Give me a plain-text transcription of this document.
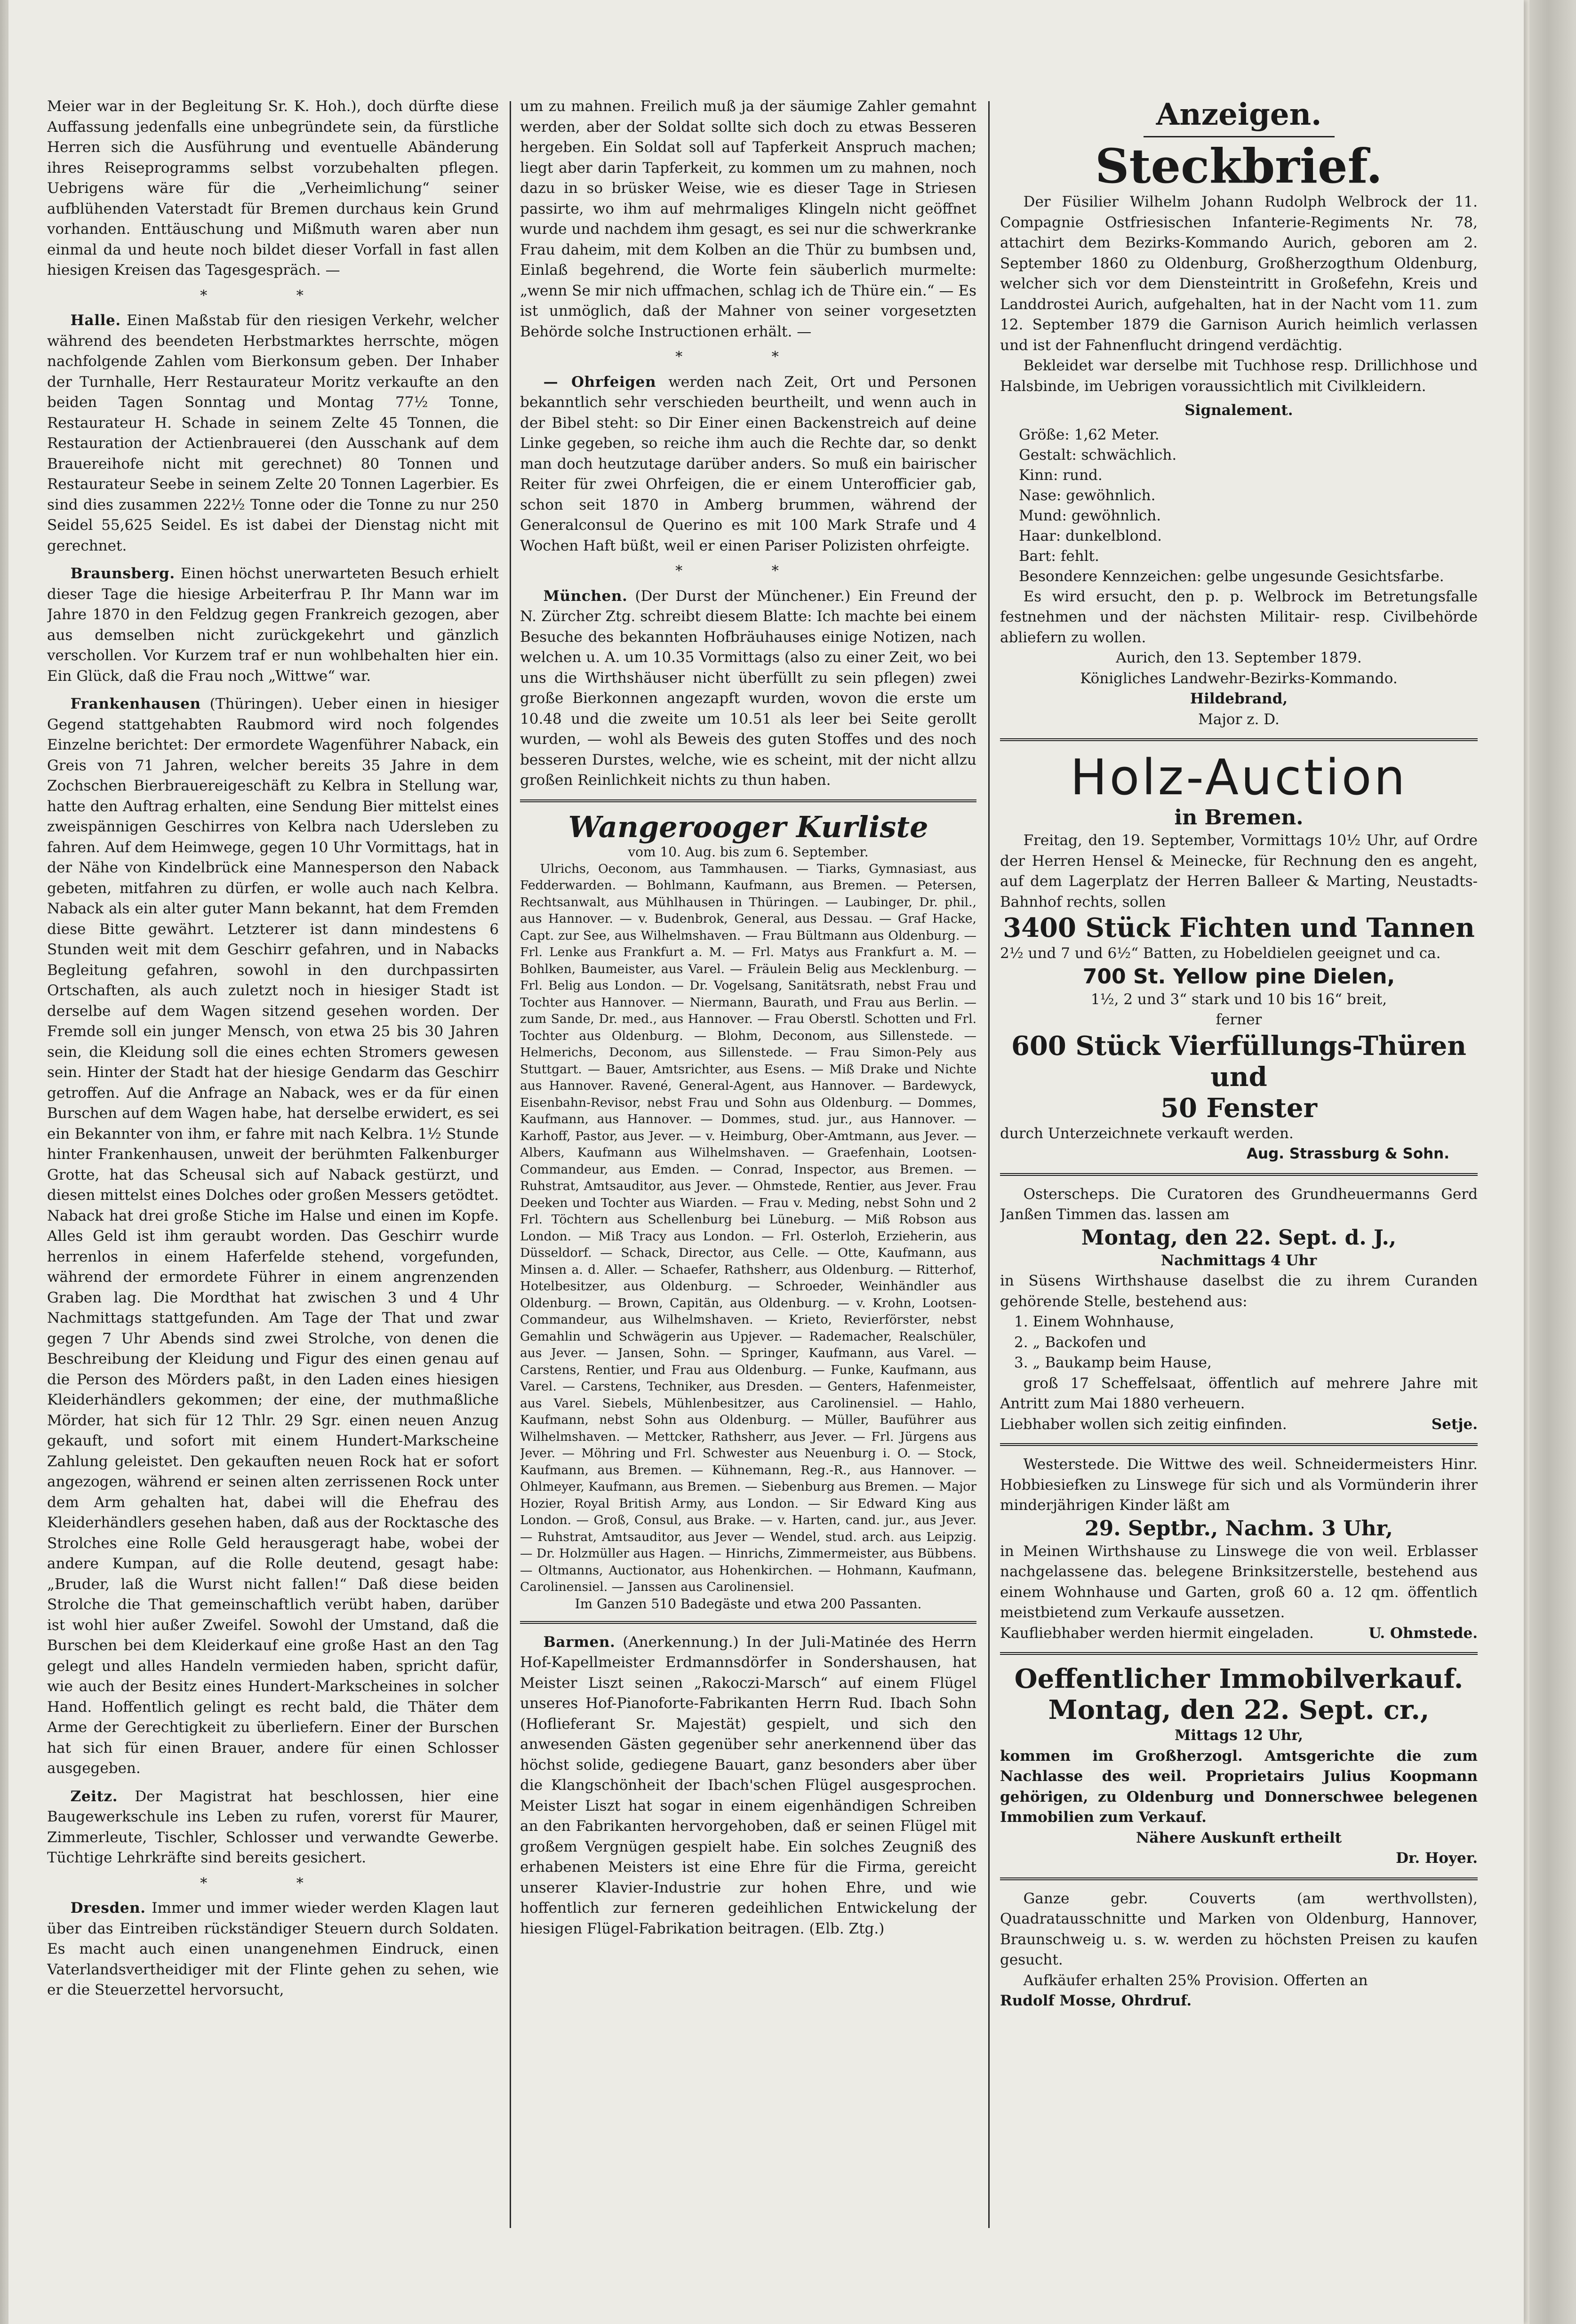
Meier war in der Begleitung Sr. K. Hoh.), doch dürfte diese Auffassung jedenfalls eine unbegründete sein, da fürstliche Herren sich die Ausführung und eventuelle Abänderung ihres Reiseprogramms selbst vorzubehalten pflegen. Uebrigens wäre für die „Verheimlichung“ seiner aufblühenden Vaterstadt für Bremen durchaus kein Grund vorhanden. Enttäuschung und Mißmuth waren aber nun einmal da und heute noch bildet dieser Vorfall in fast allen hiesigen Kreisen das Tagesgespräch. —

* *

Halle. Einen Maßstab für den riesigen Verkehr, welcher während des beendeten Herbstmarktes herrschte, mögen nachfolgende Zahlen vom Bierkonsum geben. Der Inhaber der Turnhalle, Herr Restaurateur Moritz verkaufte an den beiden Tagen Sonntag und Montag 77½ Tonne, Restaurateur H. Schade in seinem Zelte 45 Tonnen, die Restauration der Actienbrauerei (den Ausschank auf dem Brauereihofe nicht mit gerechnet) 80 Tonnen und Restaurateur Seebe in seinem Zelte 20 Tonnen Lagerbier. Es sind dies zusammen 222½ Tonne oder die Tonne zu nur 250 Seidel 55,625 Seidel. Es ist dabei der Dienstag nicht mit gerechnet.

Braunsberg. Einen höchst unerwarteten Besuch erhielt dieser Tage die hiesige Arbeiterfrau P. Ihr Mann war im Jahre 1870 in den Feldzug gegen Frankreich gezogen, aber aus demselben nicht zurückgekehrt und gänzlich verschollen. Vor Kurzem traf er nun wohlbehalten hier ein. Ein Glück, daß die Frau noch „Wittwe“ war.

Frankenhausen (Thüringen). Ueber einen in hiesiger Gegend stattgehabten Raubmord wird noch folgendes Einzelne berichtet: Der ermordete Wagenführer Naback, ein Greis von 71 Jahren, welcher bereits 35 Jahre in dem Zochschen Bierbrauereigeschäft zu Kelbra in Stellung war, hatte den Auftrag erhalten, eine Sendung Bier mittelst eines zweispännigen Geschirres von Kelbra nach Udersleben zu fahren. Auf dem Heimwege, gegen 10 Uhr Vormittags, hat in der Nähe von Kindelbrück eine Mannesperson den Naback gebeten, mitfahren zu dürfen, er wolle auch nach Kelbra. Naback als ein alter guter Mann bekannt, hat dem Fremden diese Bitte gewährt. Letzterer ist dann mindestens 6 Stunden weit mit dem Geschirr gefahren, und in Nabacks Begleitung gefahren, sowohl in den durchpassirten Ortschaften, als auch zuletzt noch in hiesiger Stadt ist derselbe auf dem Wagen sitzend gesehen worden. Der Fremde soll ein junger Mensch, von etwa 25 bis 30 Jahren sein, die Kleidung soll die eines echten Stromers gewesen sein. Hinter der Stadt hat der hiesige Gendarm das Geschirr getroffen. Auf die Anfrage an Naback, wes er da für einen Burschen auf dem Wagen habe, hat derselbe erwidert, es sei ein Bekannter von ihm, er fahre mit nach Kelbra. 1½ Stunde hinter Frankenhausen, unweit der berühmten Falkenburger Grotte, hat das Scheusal sich auf Naback gestürzt, und diesen mittelst eines Dolches oder großen Messers getödtet. Naback hat drei große Stiche im Halse und einen im Kopfe. Alles Geld ist ihm geraubt worden. Das Geschirr wurde herrenlos in einem Haferfelde stehend, vorgefunden, während der ermordete Führer in einem angrenzenden Graben lag. Die Mordthat hat zwischen 3 und 4 Uhr Nachmittags stattgefunden. Am Tage der That und zwar gegen 7 Uhr Abends sind zwei Strolche, von denen die Beschreibung der Kleidung und Figur des einen genau auf die Person des Mörders paßt, in den Laden eines hiesigen Kleiderhändlers gekommen; der eine, der muthmaßliche Mörder, hat sich für 12 Thlr. 29 Sgr. einen neuen Anzug gekauft, und sofort mit einem Hundert-Markscheine Zahlung geleistet. Den gekauften neuen Rock hat er sofort angezogen, während er seinen alten zerrissenen Rock unter dem Arm gehalten hat, dabei will die Ehefrau des Kleiderhändlers gesehen haben, daß aus der Rocktasche des Strolches eine Rolle Geld herausgeragt habe, wobei der andere Kumpan, auf die Rolle deutend, gesagt habe: „Bruder, laß die Wurst nicht fallen!“ Daß diese beiden Strolche die That gemeinschaftlich verübt haben, darüber ist wohl hier außer Zweifel. Sowohl der Umstand, daß die Burschen bei dem Kleiderkauf eine große Hast an den Tag gelegt und alles Handeln vermieden haben, spricht dafür, wie auch der Besitz eines Hundert-Markscheines in solcher Hand. Hoffentlich gelingt es recht bald, die Thäter dem Arme der Gerechtigkeit zu überliefern. Einer der Burschen hat sich für einen Brauer, andere für einen Schlosser ausgegeben.

Zeitz. Der Magistrat hat beschlossen, hier eine Baugewerkschule ins Leben zu rufen, vorerst für Maurer, Zimmerleute, Tischler, Schlosser und verwandte Gewerbe. Tüchtige Lehrkräfte sind bereits gesichert.

* *

Dresden. Immer und immer wieder werden Klagen laut über das Eintreiben rückständiger Steuern durch Soldaten. Es macht auch einen unangenehmen Eindruck, einen Vaterlandsvertheidiger mit der Flinte gehen zu sehen, wie er die Steuerzettel hervorsucht,

um zu mahnen. Freilich muß ja der säumige Zahler gemahnt werden, aber der Soldat sollte sich doch zu etwas Besseren hergeben. Ein Soldat soll auf Tapferkeit Anspruch machen; liegt aber darin Tapferkeit, zu kommen um zu mahnen, noch dazu in so brüsker Weise, wie es dieser Tage in Striesen passirte, wo ihm auf mehrmaliges Klingeln nicht geöffnet wurde und nachdem ihm gesagt, es sei nur die schwerkranke Frau daheim, mit dem Kolben an die Thür zu bumbsen und, Einlaß begehrend, die Worte fein säuberlich murmelte: „wenn Se mir nich uffmachen, schlag ich de Thüre ein.“ — Es ist unmöglich, daß der Mahner von seiner vorgesetzten Behörde solche Instructionen erhält. —

* *

— Ohrfeigen werden nach Zeit, Ort und Personen bekanntlich sehr verschieden beurtheilt, und wenn auch in der Bibel steht: so Dir Einer einen Backenstreich auf deine Linke gegeben, so reiche ihm auch die Rechte dar, so denkt man doch heutzutage darüber anders. So muß ein bairischer Reiter für zwei Ohrfeigen, die er einem Unterofficier gab, schon seit 1870 in Amberg brummen, während der Generalconsul de Querino es mit 100 Mark Strafe und 4 Wochen Haft büßt, weil er einen Pariser Polizisten ohrfeigte.

* *

München. (Der Durst der Münchener.) Ein Freund der N. Zürcher Ztg. schreibt diesem Blatte: Ich machte bei einem Besuche des bekannten Hofbräuhauses einige Notizen, nach welchen u. A. um 10.35 Vormittags (also zu einer Zeit, wo bei uns die Wirthshäuser nicht überfüllt zu sein pflegen) zwei große Bierkonnen angezapft wurden, wovon die erste um 10.48 und die zweite um 10.51 als leer bei Seite gerollt wurden, — wohl als Beweis des guten Stoffes und des noch besseren Durstes, welche, wie es scheint, mit der nicht allzu großen Reinlichkeit nichts zu thun haben.

Wangerooger Kurliste
vom 10. Aug. bis zum 6. September.

Ulrichs, Oeconom, aus Tammhausen. — Tiarks, Gymnasiast, aus Fedderwarden. — Bohlmann, Kaufmann, aus Bremen. — Petersen, Rechtsanwalt, aus Mühlhausen in Thüringen. — Laubinger, Dr. phil., aus Hannover. — v. Budenbrok, General, aus Dessau. — Graf Hacke, Capt. zur See, aus Wilhelmshaven. — Frau Bültmann aus Oldenburg. — Frl. Lenke aus Frankfurt a. M. — Frl. Matys aus Frankfurt a. M. — Bohlken, Baumeister, aus Varel. — Fräulein Belig aus Mecklenburg. — Frl. Belig aus London. — Dr. Vogelsang, Sanitätsrath, nebst Frau und Tochter aus Hannover. — Niermann, Baurath, und Frau aus Berlin. — zum Sande, Dr. med., aus Hannover. — Frau Oberstl. Schotten und Frl. Tochter aus Oldenburg. — Blohm, Deconom, aus Sillenstede. — Helmerichs, Deconom, aus Sillenstede. — Frau Simon-Pely aus Stuttgart. — Bauer, Amtsrichter, aus Esens. — Miß Drake und Nichte aus Hannover. Ravené, General-Agent, aus Hannover. — Bardewyck, Eisenbahn-Revisor, nebst Frau und Sohn aus Oldenburg. — Dommes, Kaufmann, aus Hannover. — Dommes, stud. jur., aus Hannover. — Karhoff, Pastor, aus Jever. — v. Heimburg, Ober-Amtmann, aus Jever. — Albers, Kaufmann aus Wilhelmshaven. — Graefenhain, Lootsen-Commandeur, aus Emden. — Conrad, Inspector, aus Bremen. — Ruhstrat, Amtsauditor, aus Jever. — Ohmstede, Rentier, aus Jever. Frau Deeken und Tochter aus Wiarden. — Frau v. Meding, nebst Sohn und 2 Frl. Töchtern aus Schellenburg bei Lüneburg. — Miß Robson aus London. — Miß Tracy aus London. — Frl. Osterloh, Erzieherin, aus Düsseldorf. — Schack, Director, aus Celle. — Otte, Kaufmann, aus Minsen a. d. Aller. — Schaefer, Rathsherr, aus Oldenburg. — Ritterhof, Hotelbesitzer, aus Oldenburg. — Schroeder, Weinhändler aus Oldenburg. — Brown, Capitän, aus Oldenburg. — v. Krohn, Lootsen-Commandeur, aus Wilhelmshaven. — Krieto, Revierförster, nebst Gemahlin und Schwägerin aus Upjever. — Rademacher, Realschüler, aus Jever. — Jansen, Sohn. — Springer, Kaufmann, aus Varel. — Carstens, Rentier, und Frau aus Oldenburg. — Funke, Kaufmann, aus Varel. — Carstens, Techniker, aus Dresden. — Genters, Hafenmeister, aus Varel. Siebels, Mühlenbesitzer, aus Carolinensiel. — Hahlo, Kaufmann, nebst Sohn aus Oldenburg. — Müller, Bauführer aus Wilhelmshaven. — Mettcker, Rathsherr, aus Jever. — Frl. Jürgens aus Jever. — Möhring und Frl. Schwester aus Neuenburg i. O. — Stock, Kaufmann, aus Bremen. — Kühnemann, Reg.-R., aus Hannover. — Ohlmeyer, Kaufmann, aus Bremen. — Siebenburg aus Bremen. — Major Hozier, Royal British Army, aus London. — Sir Edward King aus London. — Groß, Consul, aus Brake. — v. Harten, cand. jur., aus Jever. — Ruhstrat, Amtsauditor, aus Jever — Wendel, stud. arch. aus Leipzig. — Dr. Holzmüller aus Hagen. — Hinrichs, Zimmermeister, aus Bübbens. — Oltmanns, Auctionator, aus Hohenkirchen. — Hohmann, Kaufmann, Carolinensiel. — Janssen aus Carolinensiel.

Im Ganzen 510 Badegäste und etwa 200 Passanten.

Barmen. (Anerkennung.) In der Juli-Matinée des Herrn Hof-Kapellmeister Erdmannsdörfer in Sondershausen, hat Meister Liszt seinen „Rakoczi-Marsch“ auf einem Flügel unseres Hof-Pianoforte-Fabrikanten Herrn Rud. Ibach Sohn (Hoflieferant Sr. Majestät) gespielt, und sich den anwesenden Gästen gegenüber sehr anerkennend über das höchst solide, gediegene Bauart, ganz besonders aber über die Klangschönheit der Ibach'schen Flügel ausgesprochen. Meister Liszt hat sogar in einem eigenhändigen Schreiben an den Fabrikanten hervorgehoben, daß er seinen Flügel mit großem Vergnügen gespielt habe. Ein solches Zeugniß des erhabenen Meisters ist eine Ehre für die Firma, gereicht unserer Klavier-Industrie zur hohen Ehre, und wie hoffentlich zur ferneren gedeihlichen Entwickelung der hiesigen Flügel-Fabrikation beitragen. (Elb. Ztg.)

Anzeigen.
Steckbrief.

Der Füsilier Wilhelm Johann Rudolph Welbrock der 11. Compagnie Ostfriesischen Infanterie-Regiments Nr. 78, attachirt dem Bezirks-Kommando Aurich, geboren am 2. September 1860 zu Oldenburg, Großherzogthum Oldenburg, welcher sich vor dem Diensteintritt in Großefehn, Kreis und Landdrostei Aurich, aufgehalten, hat in der Nacht vom 11. zum 12. September 1879 die Garnison Aurich heimlich verlassen und ist der Fahnenflucht dringend verdächtig.

Bekleidet war derselbe mit Tuchhose resp. Drillichhose und Halsbinde, im Uebrigen voraussichtlich mit Civilkleidern.

Signalement.
Größe: 1,62 Meter.
Gestalt: schwächlich.
Kinn: rund.
Nase: gewöhnlich.
Mund: gewöhnlich.
Haar: dunkelblond.
Bart: fehlt.
Besondere Kennzeichen: gelbe ungesunde Gesichtsfarbe.

Es wird ersucht, den p. p. Welbrock im Betretungsfalle festnehmen und der nächsten Militair- resp. Civilbehörde abliefern zu wollen.

Aurich, den 13. September 1879.
Königliches Landwehr-Bezirks-Kommando.
Hildebrand,
Major z. D.
Holz-Auction
in Bremen.

Freitag, den 19. September, Vormittags 10½ Uhr, auf Ordre der Herren Hensel & Meinecke, für Rechnung den es angeht, auf dem Lagerplatz der Herren Balleer & Marting, Neustadts-Bahnhof rechts, sollen

3400 Stück Fichten und Tannen

2½ und 7 und 6½“ Batten, zu Hobeldielen geeignet und ca.

700 St. Yellow pine Dielen,
1½, 2 und 3“ stark und 10 bis 16“ breit,
ferner
600 Stück Vierfüllungs-Thüren und
50 Fenster
durch Unterzeichnete verkauft werden.
Aug. Strassburg & Sohn.

Osterscheps. Die Curatoren des Grundheuermanns Gerd Janßen Timmen das. lassen am

Montag, den 22. Sept. d. J.,
Nachmittags 4 Uhr

in Süsens Wirthshause daselbst die zu ihrem Curanden gehörende Stelle, bestehend aus:

1. Einem Wohnhause,
2. „ Backofen und
3. „ Baukamp beim Hause,

groß 17 Scheffelsaat, öffentlich auf mehrere Jahre mit Antritt zum Mai 1880 verheuern.

Liebhaber wollen sich zeitig einfinden.	Setje.

Westerstede. Die Wittwe des weil. Schneidermeisters Hinr. Hobbiesiefken zu Linswege für sich und als Vormünderin ihrer minderjährigen Kinder läßt am

29. Septbr., Nachm. 3 Uhr,

in Meinen Wirthshause zu Linswege die von weil. Erblasser nachgelassene das. belegene Brinksitzerstelle, bestehend aus einem Wohnhause und Garten, groß 60 a. 12 qm. öffentlich meistbietend zum Verkaufe aussetzen.

Kaufliebhaber werden hiermit eingeladen.	U. Ohmstede.
Oeffentlicher Immobilverkauf.
Montag, den 22. Sept. cr.,
Mittags 12 Uhr,

kommen im Großherzogl. Amtsgerichte die zum Nachlasse des weil. Proprietairs Julius Koopmann gehörigen, zu Oldenburg und Donnerschwee belegenen Immobilien zum Verkauf.

Nähere Auskunft ertheilt
Dr. Hoyer.

Ganze gebr. Couverts (am werthvollsten), Quadratausschnitte und Marken von Oldenburg, Hannover, Braunschweig u. s. w. werden zu höchsten Preisen zu kaufen gesucht.

Aufkäufer erhalten 25% Provision. Offerten an

Rudolf Mosse, Ohrdruf.
